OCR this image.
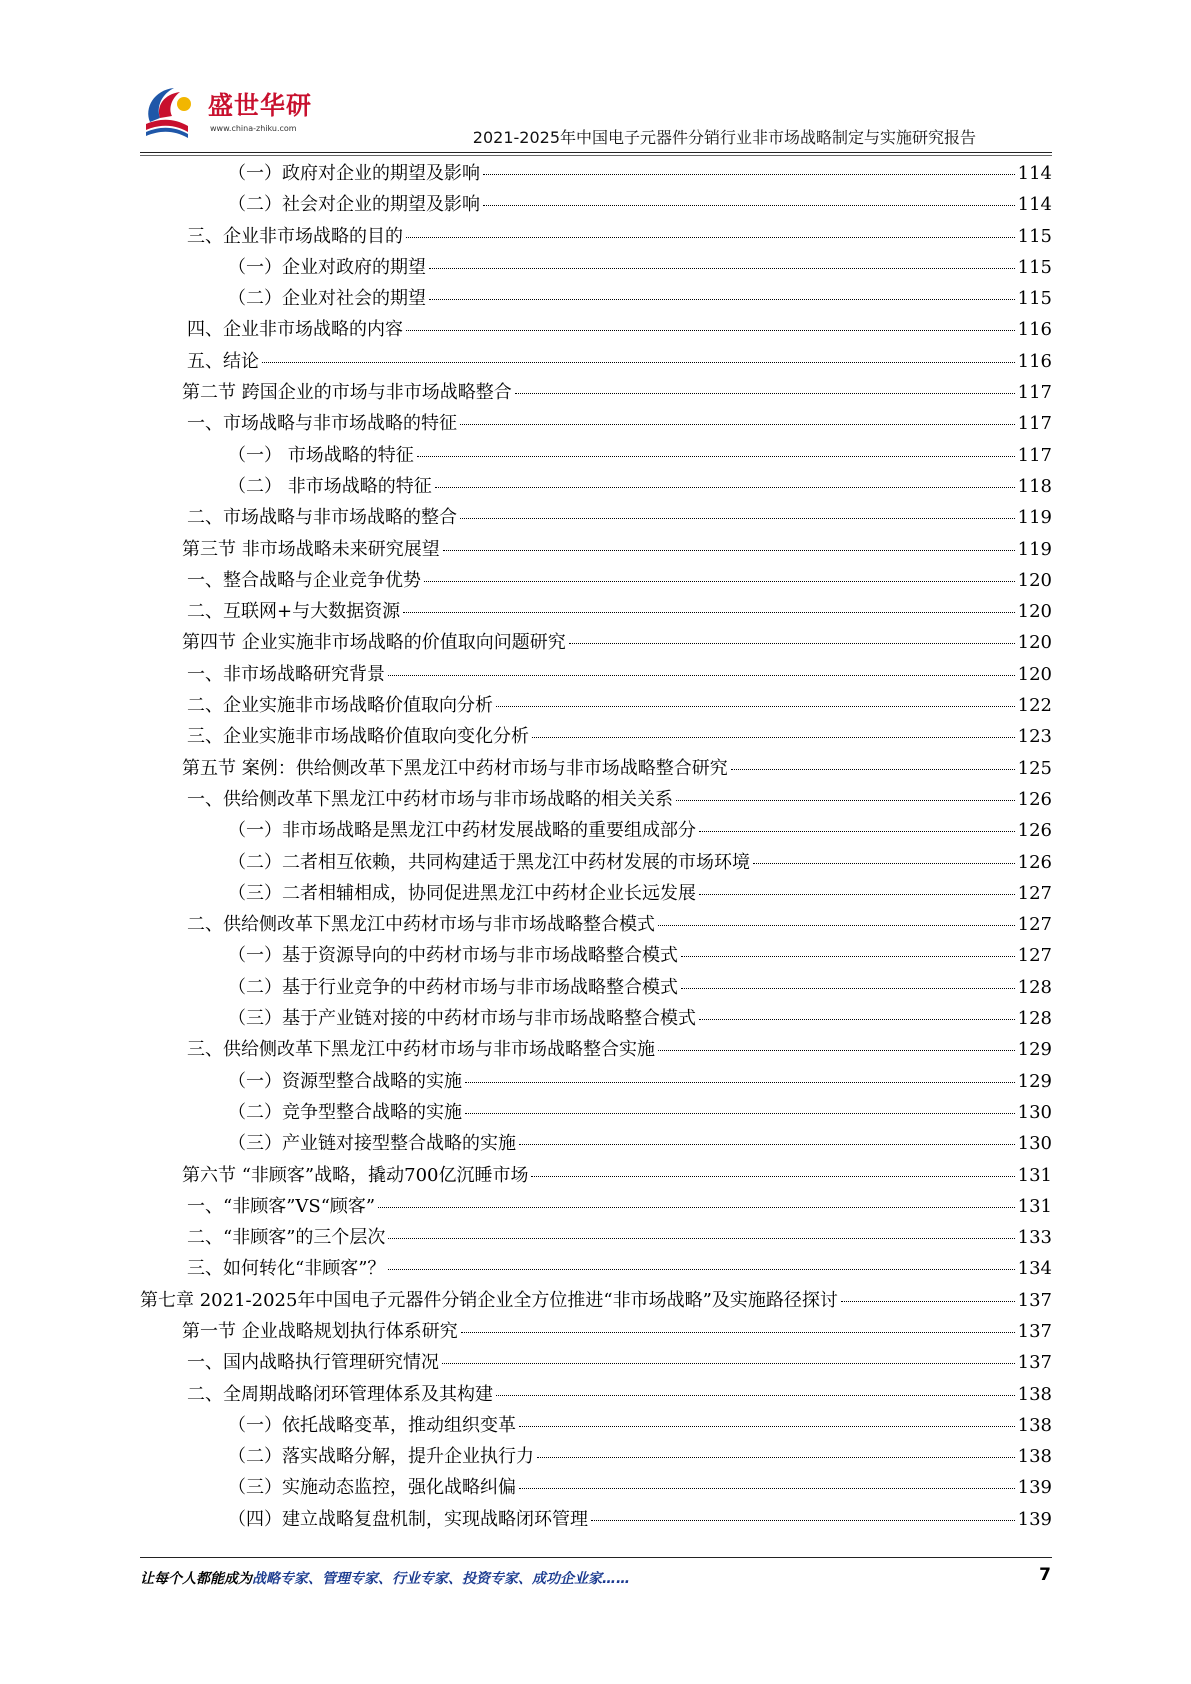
盛世华研
www.china-zhiku.com	2021-2025年中国电子元器件分销行业非市场战略制定与实施研究报告
（一）政府对企业的期望及影响	114
（二）社会对企业的期望及影响	114
三、企业非市场战略的目的	115
（一）企业对政府的期望	115
（二）企业对社会的期望	115
四、企业非市场战略的内容	116
五、结论	116
第二节 跨国企业的市场与非市场战略整合	117
一、市场战略与非市场战略的特征	117
（一） 市场战略的特征	117
（二） 非市场战略的特征	118
二、市场战略与非市场战略的整合	119
第三节 非市场战略未来研究展望	119
一、整合战略与企业竞争优势	120
二、互联网+与大数据资源	120
第四节 企业实施非市场战略的价值取向问题研究	120
一、非市场战略研究背景	120
二、企业实施非市场战略价值取向分析	122
三、企业实施非市场战略价值取向变化分析	123
第五节 案例：供给侧改革下黑龙江中药材市场与非市场战略整合研究	125
一、供给侧改革下黑龙江中药材市场与非市场战略的相关关系	126
（一）非市场战略是黑龙江中药材发展战略的重要组成部分	126
（二）二者相互依赖，共同构建适于黑龙江中药材发展的市场环境	126
（三）二者相辅相成，协同促进黑龙江中药材企业长远发展	127
二、供给侧改革下黑龙江中药材市场与非市场战略整合模式	127
（一）基于资源导向的中药材市场与非市场战略整合模式	127
（二）基于行业竞争的中药材市场与非市场战略整合模式	128
（三）基于产业链对接的中药材市场与非市场战略整合模式	128
三、供给侧改革下黑龙江中药材市场与非市场战略整合实施	129
（一）资源型整合战略的实施	129
（二）竞争型整合战略的实施	130
（三）产业链对接型整合战略的实施	130
第六节 “非顾客”战略，撬动700亿沉睡市场	131
一、“非顾客”VS“顾客”	131
二、“非顾客”的三个层次	133
三、如何转化“非顾客”？	134
第七章 2021-2025年中国电子元器件分销企业全方位推进“非市场战略”及实施路径探讨	137
第一节 企业战略规划执行体系研究	137
一、国内战略执行管理研究情况	137
二、全周期战略闭环管理体系及其构建	138
（一）依托战略变革，推动组织变革	138
（二）落实战略分解，提升企业执行力	138
（三）实施动态监控，强化战略纠偏	139
（四）建立战略复盘机制，实现战略闭环管理	139
让每个人都能成为战略专家、管理专家、行业专家、投资专家、成功企业家……	7
